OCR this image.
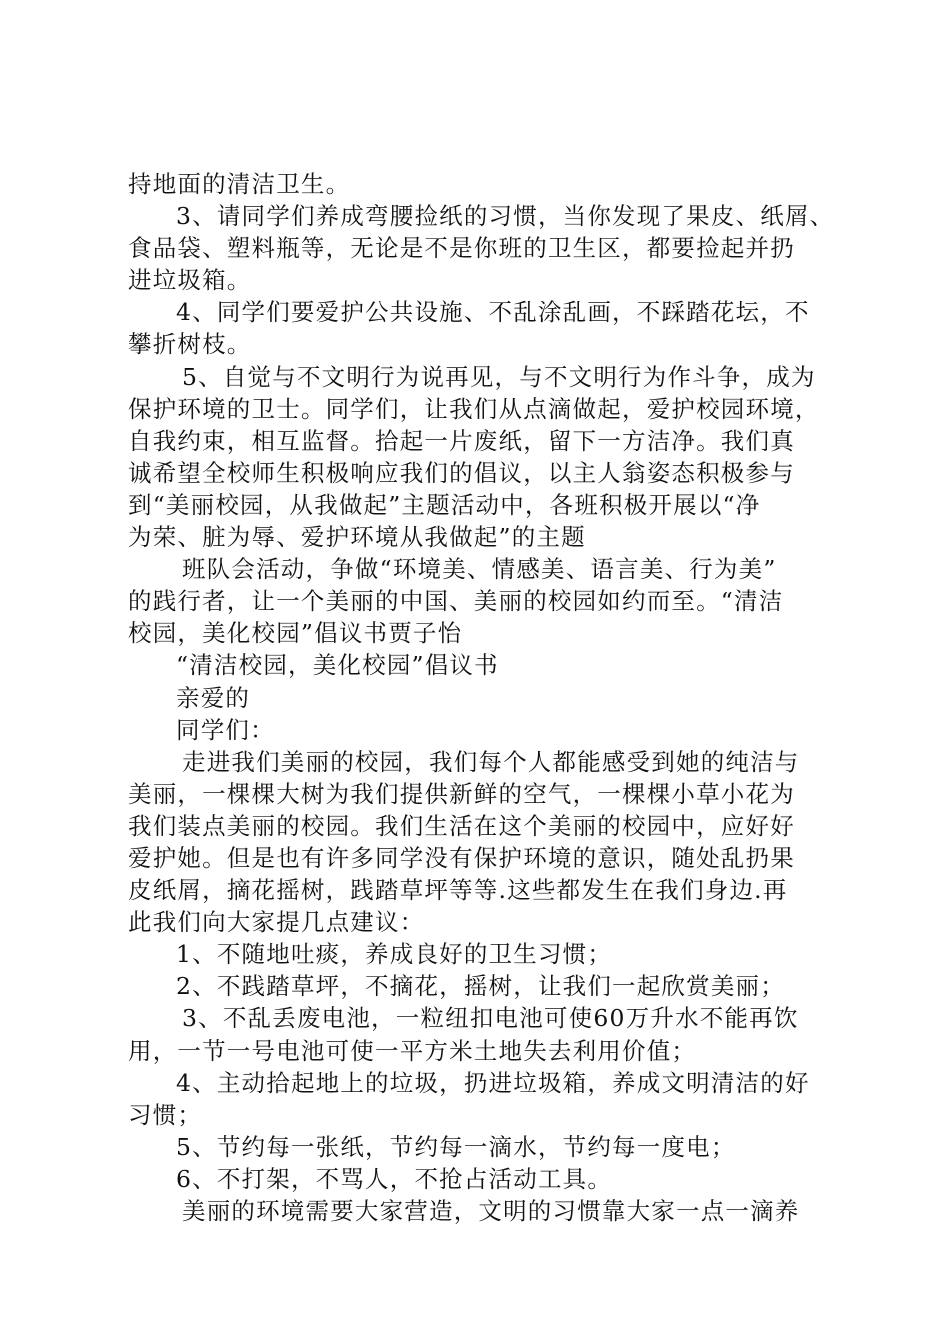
持地面的清洁卫生。
3、请同学们养成弯腰捡纸的习惯，当你发现了果皮、纸屑、
食品袋、塑料瓶等，无论是不是你班的卫生区，都要捡起并扔
进垃圾箱。
4、同学们要爱护公共设施、不乱涂乱画，不踩踏花坛，不
攀折树枝。
5、自觉与不文明行为说再见，与不文明行为作斗争，成为
保护环境的卫士。同学们，让我们从点滴做起，爱护校园环境，
自我约束，相互监督。拾起一片废纸，留下一方洁净。我们真
诚希望全校师生积极响应我们的倡议，以主人翁姿态积极参与
到“美丽校园，从我做起”主题活动中，各班积极开展以“净
为荣、脏为辱、爱护环境从我做起”的主题
班队会活动，争做“环境美、情感美、语言美、行为美”
的践行者，让一个美丽的中国、美丽的校园如约而至。“清洁
校园，美化校园”倡议书贾子怡
“清洁校园，美化校园”倡议书
亲爱的
同学们：
走进我们美丽的校园，我们每个人都能感受到她的纯洁与
美丽，一棵棵大树为我们提供新鲜的空气，一棵棵小草小花为
我们装点美丽的校园。我们生活在这个美丽的校园中，应好好
爱护她。但是也有许多同学没有保护环境的意识，随处乱扔果
皮纸屑，摘花摇树，践踏草坪等等.这些都发生在我们身边.再
此我们向大家提几点建议：
1、不随地吐痰，养成良好的卫生习惯；
2、不践踏草坪，不摘花，摇树，让我们一起欣赏美丽；
3、不乱丢废电池，一粒纽扣电池可使60万升水不能再饮
用，一节一号电池可使一平方米土地失去利用价值；
4、主动拾起地上的垃圾，扔进垃圾箱，养成文明清洁的好
习惯；
5、节约每一张纸，节约每一滴水，节约每一度电；
6、不打架，不骂人，不抢占活动工具。
美丽的环境需要大家营造，文明的习惯靠大家一点一滴养
